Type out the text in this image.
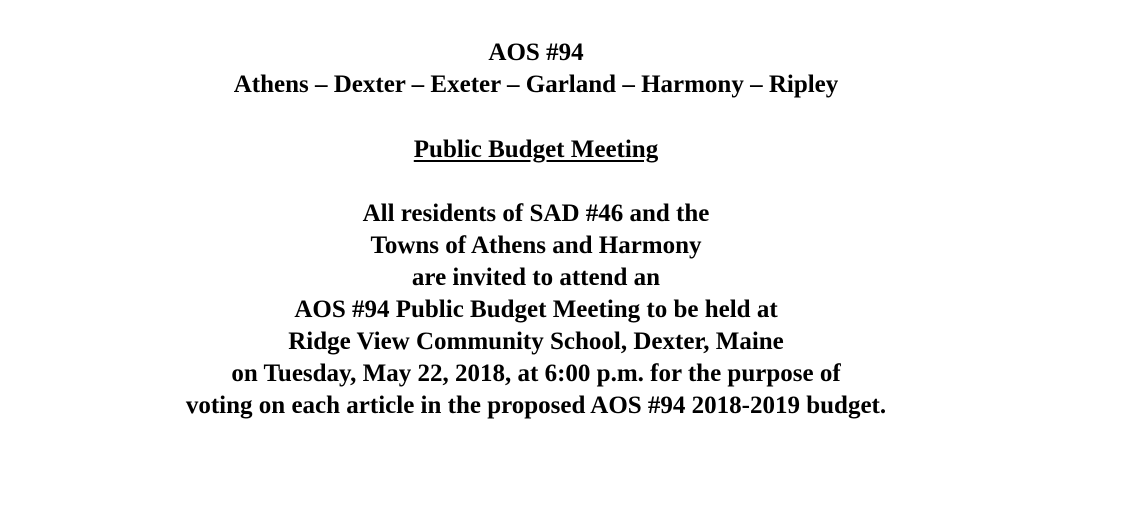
AOS #94
Athens – Dexter – Exeter – Garland – Harmony – Ripley
Public Budget Meeting
All residents of SAD #46 and the
Towns of Athens and Harmony
are invited to attend an
AOS #94 Public Budget Meeting to be held at
Ridge View Community School, Dexter, Maine
on Tuesday, May 22, 2018, at 6:00 p.m. for the purpose of
voting on each article in the proposed AOS #94 2018-2019 budget.
